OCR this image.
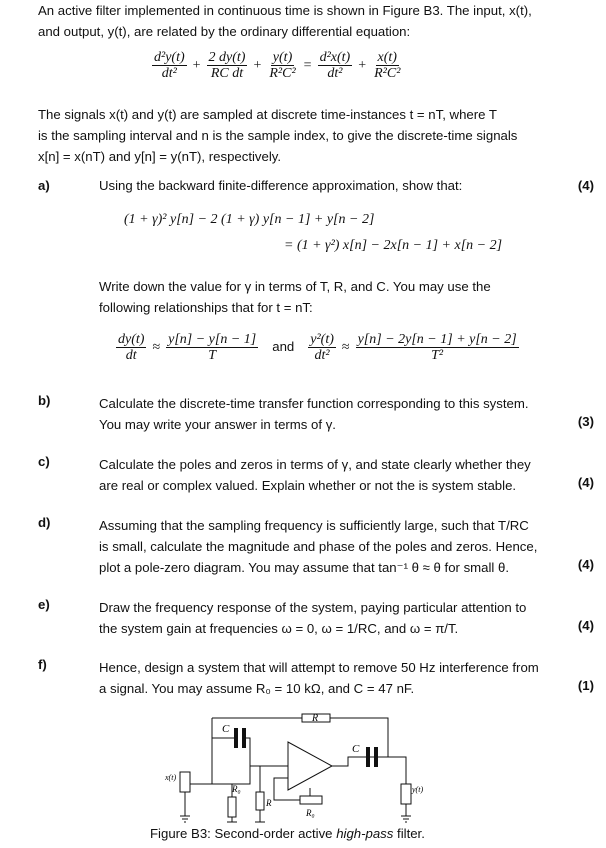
An active filter implemented in continuous time is shown in Figure B3. The input, x(t),
and output, y(t), are related by the ordinary differential equation:
$\frac{\text{d²y(t)}}{\text{dt²}} + \frac{2 dy(t)}{\text{RC dt}} + \frac{y(t)}{\text{R²C²}} = \frac{\text{d²x(t)}}{\text{dt²}} + \frac{x(t)}{\text{R²C²}}$
The signals x(t) and y(t) are sampled at discrete time-instances t = nT, where T
is the sampling interval and n is the sample index, to give the discrete-time signals
x[n] = x(nT) and y[n] = y(nT), respectively.
a)	(4)
Using the backward finite-difference approximation, show that:
(1 + γ)² y[n] − 2 (1 + γ) y[n − 1] + y[n − 2]
= (1 + γ²) x[n] − 2x[n − 1] + x[n − 2]
Write down the value for γ in terms of T, R, and C. You may use the
following relationships that for t = nT:
$\frac{dy(t)}{dt} \approx \frac{y[n] - y[n - 1]}{T}$ and $\frac{\text{y²(t)}}{\text{dt²}} \approx \frac{y[n] - 2y[n - 1] + y[n - 2]}{\text{T²}}$
b)
(3)
Calculate the discrete-time transfer function corresponding to this system.
You may write your answer in terms of γ.
c)
(4)
Calculate the poles and zeros in terms of γ, and state clearly whether they
are real or complex valued. Explain whether or not the is system stable.
d)
(4)
Assuming that the sampling frequency is sufficiently large, such that T/RC
is small, calculate the magnitude and phase of the poles and zeros. Hence,
plot a pole-zero diagram. You may assume that tan⁻¹ θ ≈ θ for small θ.
e)
(4)
Draw the frequency response of the system, paying particular attention to
the system gain at frequencies ω = 0, ω = 1/RC, and ω = π/T.
f)
(1)
Hence, design a system that will attempt to remove 50 Hz interference from
a signal. You may assume R₀ = 10 kΩ, and C = 47 nF.
C
C
R
R₀
R
R₀
x(t)
y(t)
Figure B3: Second-order active high-pass filter.
